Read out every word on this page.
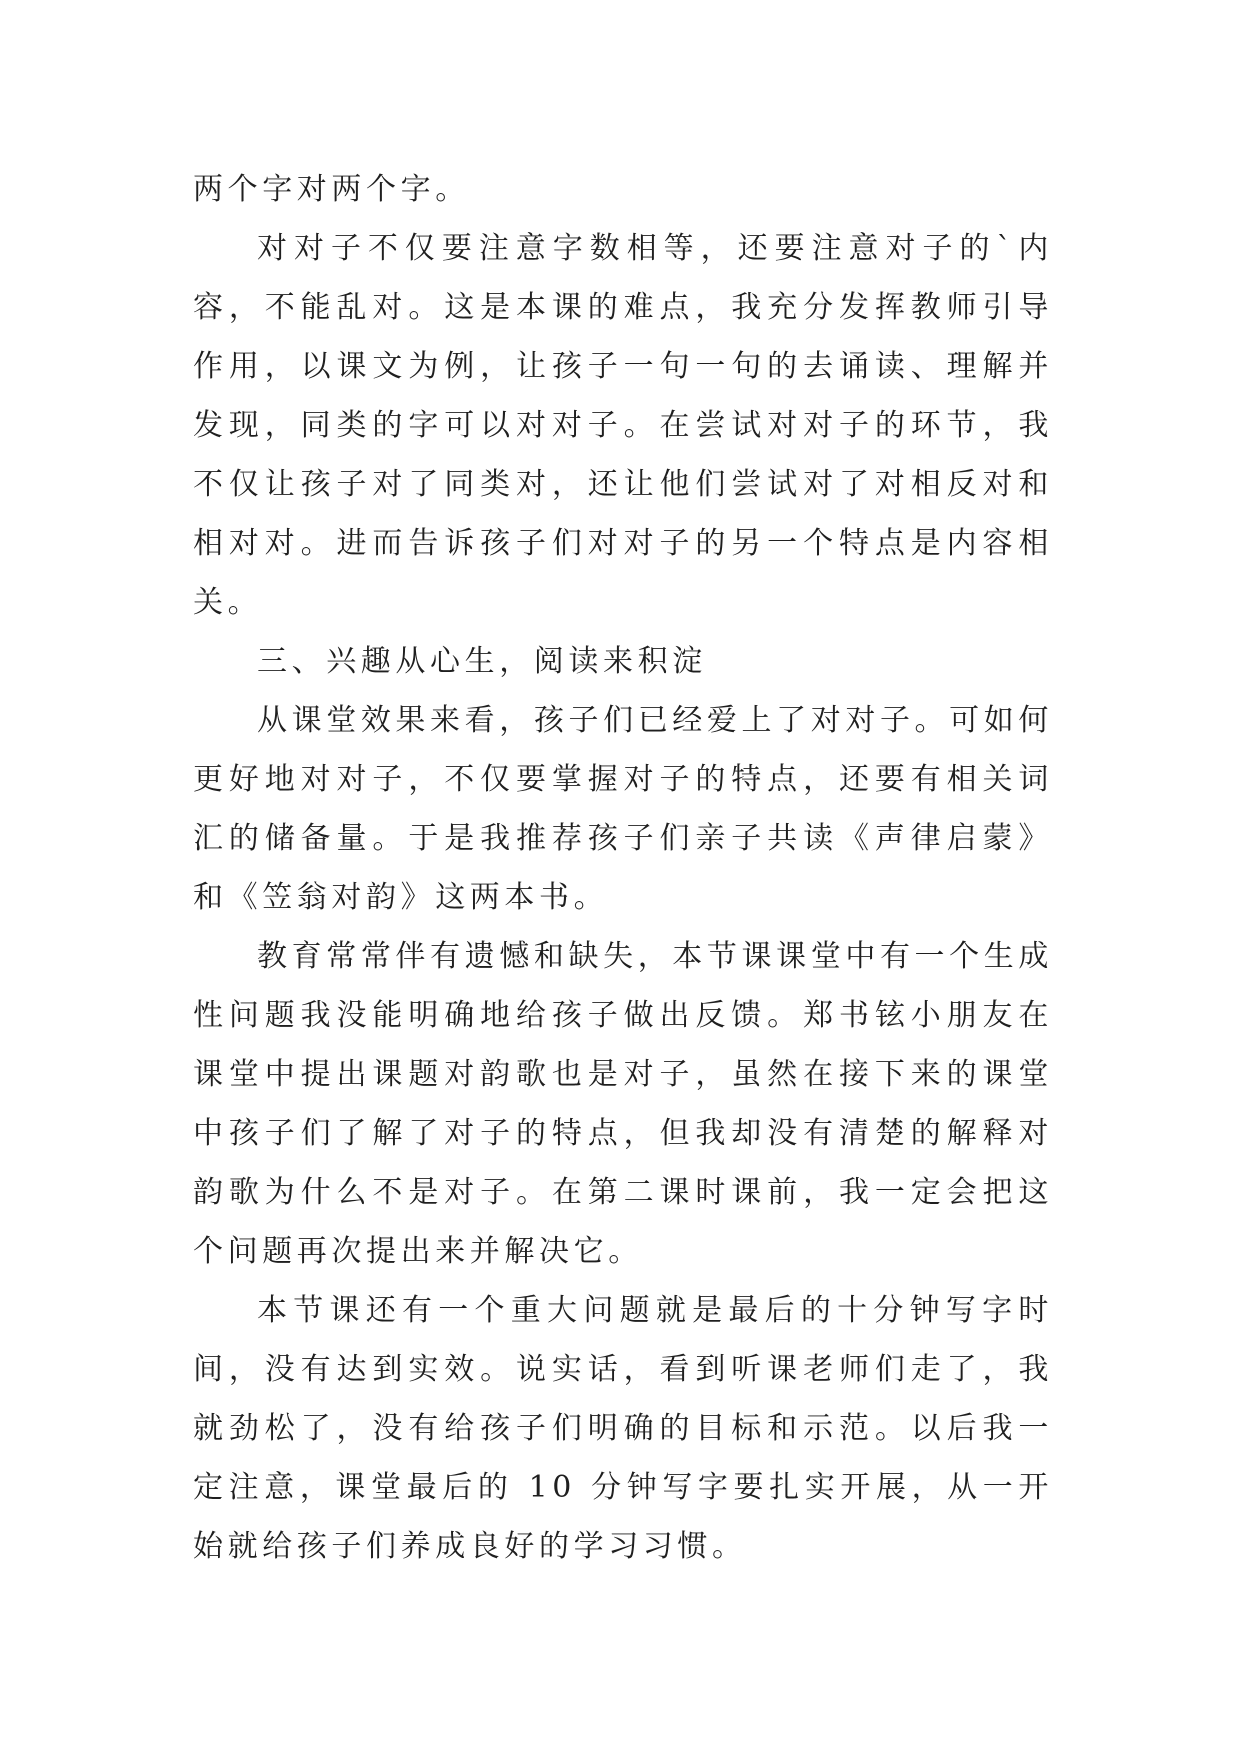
两个字对两个字。

对对子不仅要注意字数相等，还要注意对子的`内容，不能乱对。这是本课的难点，我充分发挥教师引导作用，以课文为例，让孩子一句一句的去诵读、理解并发现，同类的字可以对对子。在尝试对对子的环节，我不仅让孩子对了同类对，还让他们尝试对了对相反对和相对对。进而告诉孩子们对对子的另一个特点是内容相关。

三、兴趣从心生，阅读来积淀

从课堂效果来看，孩子们已经爱上了对对子。可如何更好地对对子，不仅要掌握对子的特点，还要有相关词汇的储备量。于是我推荐孩子们亲子共读《声律启蒙》和《笠翁对韵》这两本书。

教育常常伴有遗憾和缺失，本节课课堂中有一个生成性问题我没能明确地给孩子做出反馈。郑书铉小朋友在课堂中提出课题对韵歌也是对子，虽然在接下来的课堂中孩子们了解了对子的特点，但我却没有清楚的解释对韵歌为什么不是对子。在第二课时课前，我一定会把这个问题再次提出来并解决它。

本节课还有一个重大问题就是最后的十分钟写字时间，没有达到实效。说实话，看到听课老师们走了，我就劲松了，没有给孩子们明确的目标和示范。以后我一定注意，课堂最后的 10 分钟写字要扎实开展，从一开始就给孩子们养成良好的学习习惯。
